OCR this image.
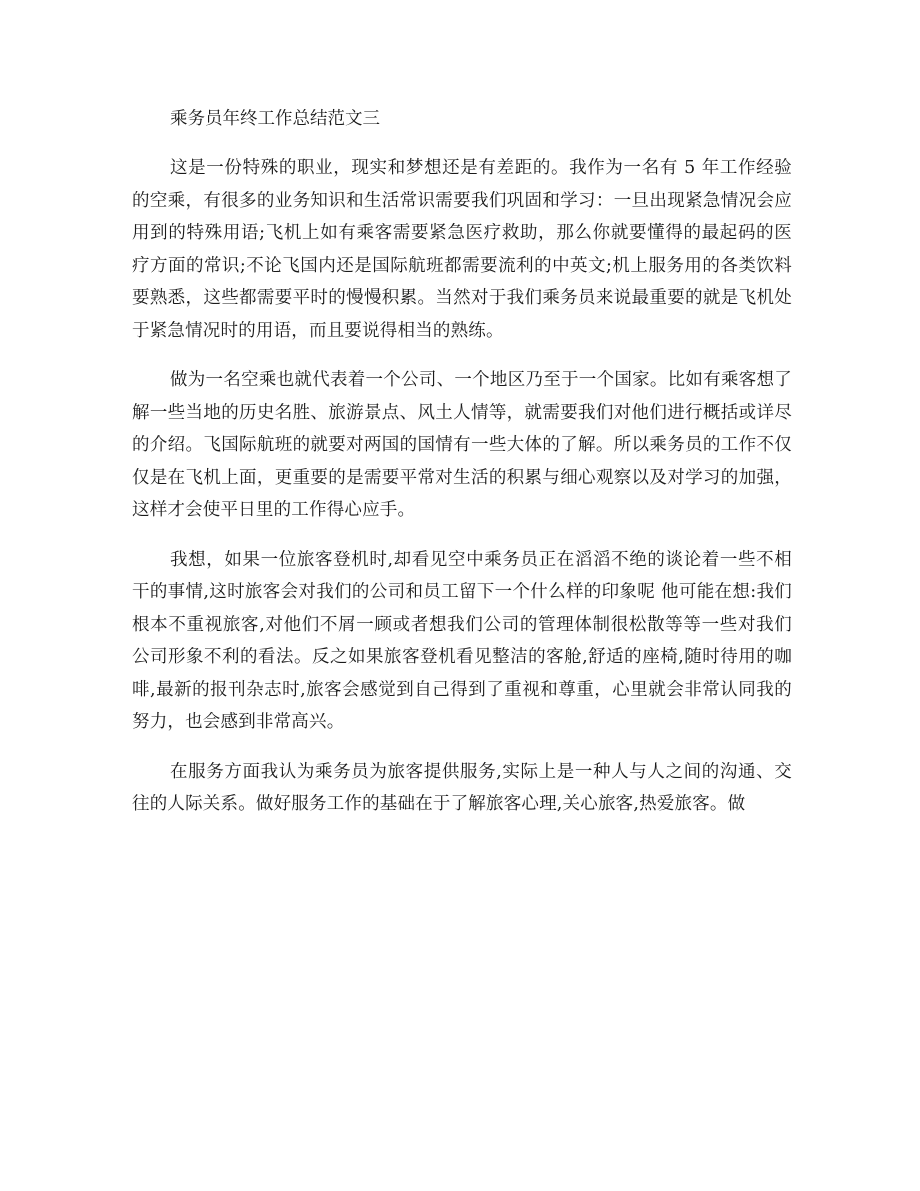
乘务员年终工作总结范文三

这是一份特殊的职业，现实和梦想还是有差距的。我作为一名有 5 年工作经验的空乘，有很多的业务知识和生活常识需要我们巩固和学习：一旦出现紧急情况会应用到的特殊用语;飞机上如有乘客需要紧急医疗救助，那么你就要懂得的最起码的医疗方面的常识;不论飞国内还是国际航班都需要流利的中英文;机上服务用的各类饮料要熟悉，这些都需要平时的慢慢积累。当然对于我们乘务员来说最重要的就是飞机处于紧急情况时的用语，而且要说得相当的熟练。

做为一名空乘也就代表着一个公司、一个地区乃至于一个国家。比如有乘客想了解一些当地的历史名胜、旅游景点、风土人情等，就需要我们对他们进行概括或详尽的介绍。飞国际航班的就要对两国的国情有一些大体的了解。所以乘务员的工作不仅仅是在飞机上面，更重要的是需要平常对生活的积累与细心观察以及对学习的加强，这样才会使平日里的工作得心应手。

我想，如果一位旅客登机时,却看见空中乘务员正在滔滔不绝的谈论着一些不相干的事情,这时旅客会对我们的公司和员工留下一个什么样的印象呢 他可能在想:我们根本不重视旅客,对他们不屑一顾或者想我们公司的管理体制很松散等等一些对我们公司形象不利的看法。反之如果旅客登机看见整洁的客舱,舒适的座椅,随时待用的咖啡,最新的报刊杂志时,旅客会感觉到自己得到了重视和尊重，心里就会非常认同我的努力，也会感到非常高兴。

在服务方面我认为乘务员为旅客提供服务,实际上是一种人与人之间的沟通、交往的人际关系。做好服务工作的基础在于了解旅客心理,关心旅客,热爱旅客。做
